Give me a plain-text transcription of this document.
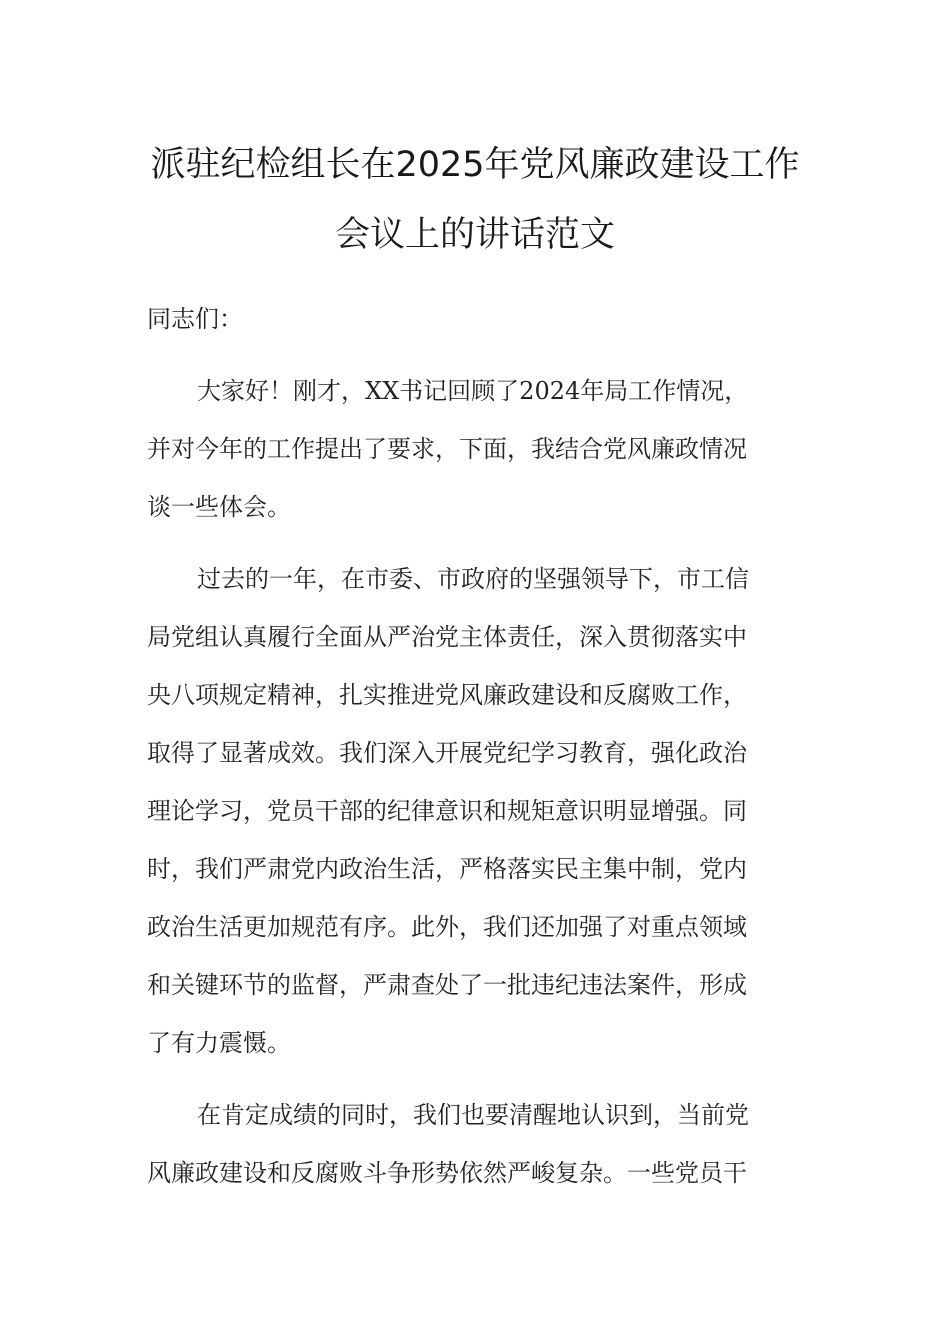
派驻纪检组长在2025年党风廉政建设工作
会议上的讲话范文
同志们：
大家好！刚才，XX书记回顾了2024年局工作情况，
并对今年的工作提出了要求，下面，我结合党风廉政情况
谈一些体会。
过去的一年，在市委、市政府的坚强领导下，市工信
局党组认真履行全面从严治党主体责任，深入贯彻落实中
央八项规定精神，扎实推进党风廉政建设和反腐败工作，
取得了显著成效。我们深入开展党纪学习教育，强化政治
理论学习，党员干部的纪律意识和规矩意识明显增强。同
时，我们严肃党内政治生活，严格落实民主集中制，党内
政治生活更加规范有序。此外，我们还加强了对重点领域
和关键环节的监督，严肃查处了一批违纪违法案件，形成
了有力震慑。
在肯定成绩的同时，我们也要清醒地认识到，当前党
风廉政建设和反腐败斗争形势依然严峻复杂。一些党员干
